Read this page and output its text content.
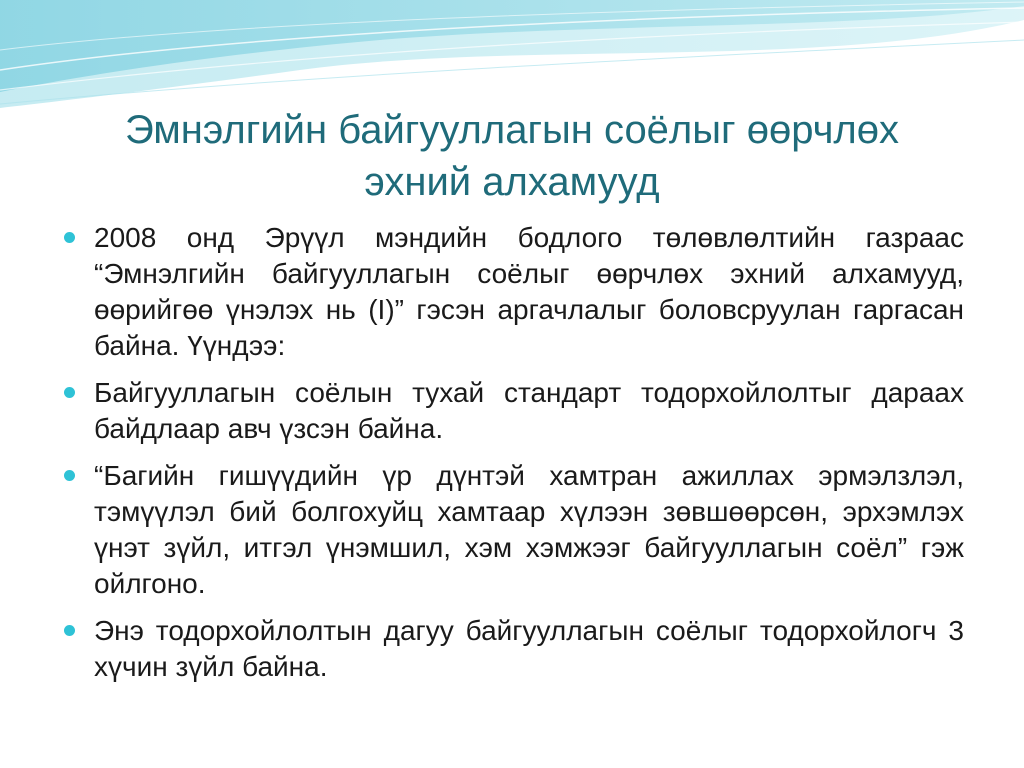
Эмнэлгийн байгууллагын соёлыг өөрчлөх
эхний алхамууд
2008 онд Эрүүл мэндийн бодлого төлөвлөлтийн газраас “Эмнэлгийн байгууллагын соёлыг өөрчлөх эхний алхамууд, өөрийгөө үнэлэх нь (I)” гэсэн аргачлалыг боловсруулан гаргасан байна. Үүндээ:
Байгууллагын соёлын тухай стандарт тодорхойлолтыг дараах байдлаар авч үзсэн байна.
“Багийн гишүүдийн үр дүнтэй хамтран ажиллах эрмэлзлэл, тэмүүлэл бий болгохуйц хамтаар хүлээн зөвшөөрсөн, эрхэмлэх үнэт зүйл, итгэл үнэмшил, хэм хэмжээг байгууллагын соёл” гэж ойлгоно.
Энэ тодорхойлолтын дагуу байгууллагын соёлыг тодорхойлогч 3 хүчин зүйл байна.
